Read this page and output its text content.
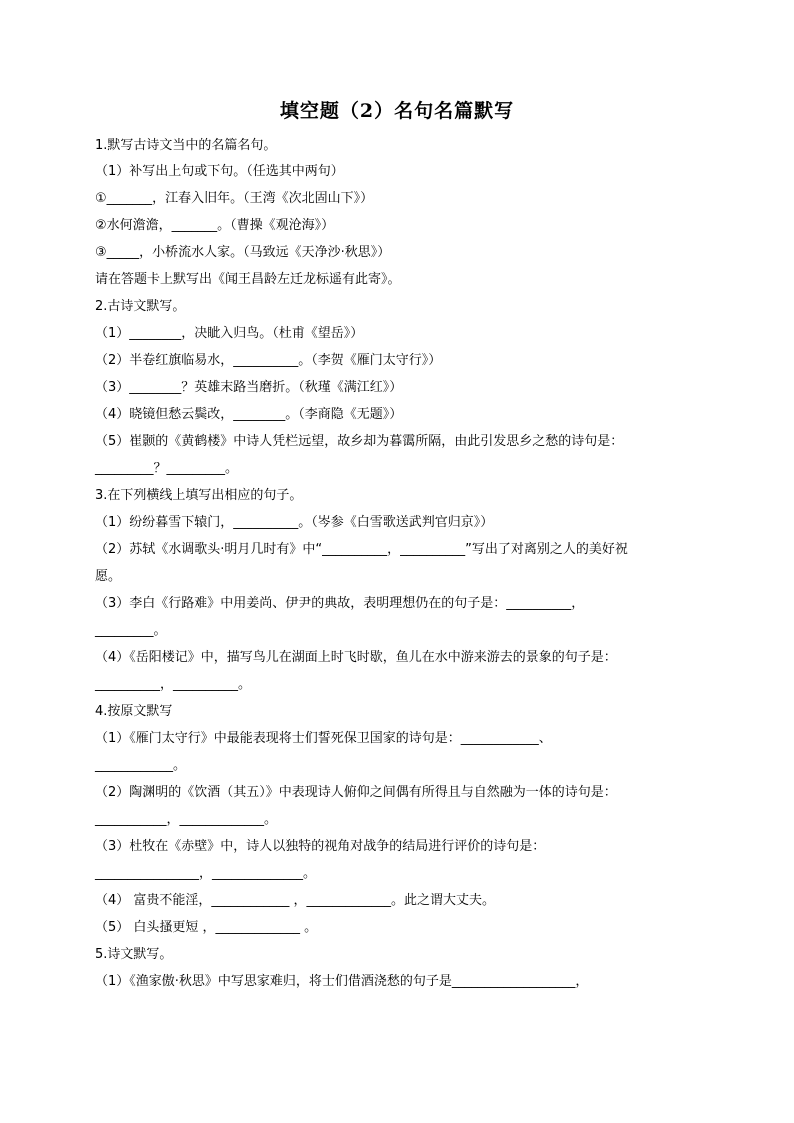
填空题（2）名句名篇默写
1.默写古诗文当中的名篇名句。
（1）补写出上句或下句。（任选其中两句）
①_______，江春入旧年。（王湾《次北固山下》）
②水何澹澹，_______。（曹操《观沧海》）
③_____，小桥流水人家。（马致远《天净沙·秋思》）
请在答题卡上默写出《闻王昌龄左迁龙标遥有此寄》。
2.古诗文默写。
（1）________，决眦入归鸟。（杜甫《望岳》）
（2）半卷红旗临易水，__________。（李贺《雁门太守行》）
（3）________？英雄末路当磨折。（秋瑾《满江红》）
（4）晓镜但愁云鬓改，________。（李商隐《无题》）
（5）崔颢的《黄鹤楼》中诗人凭栏远望，故乡却为暮霭所隔，由此引发思乡之愁的诗句是：
_________？_________。
3.在下列横线上填写出相应的句子。
（1）纷纷暮雪下辕门，__________。（岑参《白雪歌送武判官归京》）
（2）苏轼《水调歌头·明月几时有》中“__________，__________”写出了对离别之人的美好祝
愿。
（3）李白《行路难》中用姜尚、伊尹的典故，表明理想仍在的句子是：__________，
_________。
（4）《岳阳楼记》中，描写鸟儿在湖面上时飞时歇，鱼儿在水中游来游去的景象的句子是：
__________，__________。
4.按原文默写
（1）《雁门太守行》中最能表现将士们誓死保卫国家的诗句是：____________、
____________。
（2）陶渊明的《饮酒（其五）》中表现诗人俯仰之间偶有所得且与自然融为一体的诗句是：
___________，_____________。
（3）杜牧在《赤壁》中，诗人以独特的视角对战争的结局进行评价的诗句是：
________________，______________。
（4） 富贵不能淫，____________ ，_____________。此之谓大丈夫。
（5） 白头搔更短 ，_____________ 。
5.诗文默写。
（1）《渔家傲·秋思》中写思家难归，将士们借酒浇愁的句子是___________________，
